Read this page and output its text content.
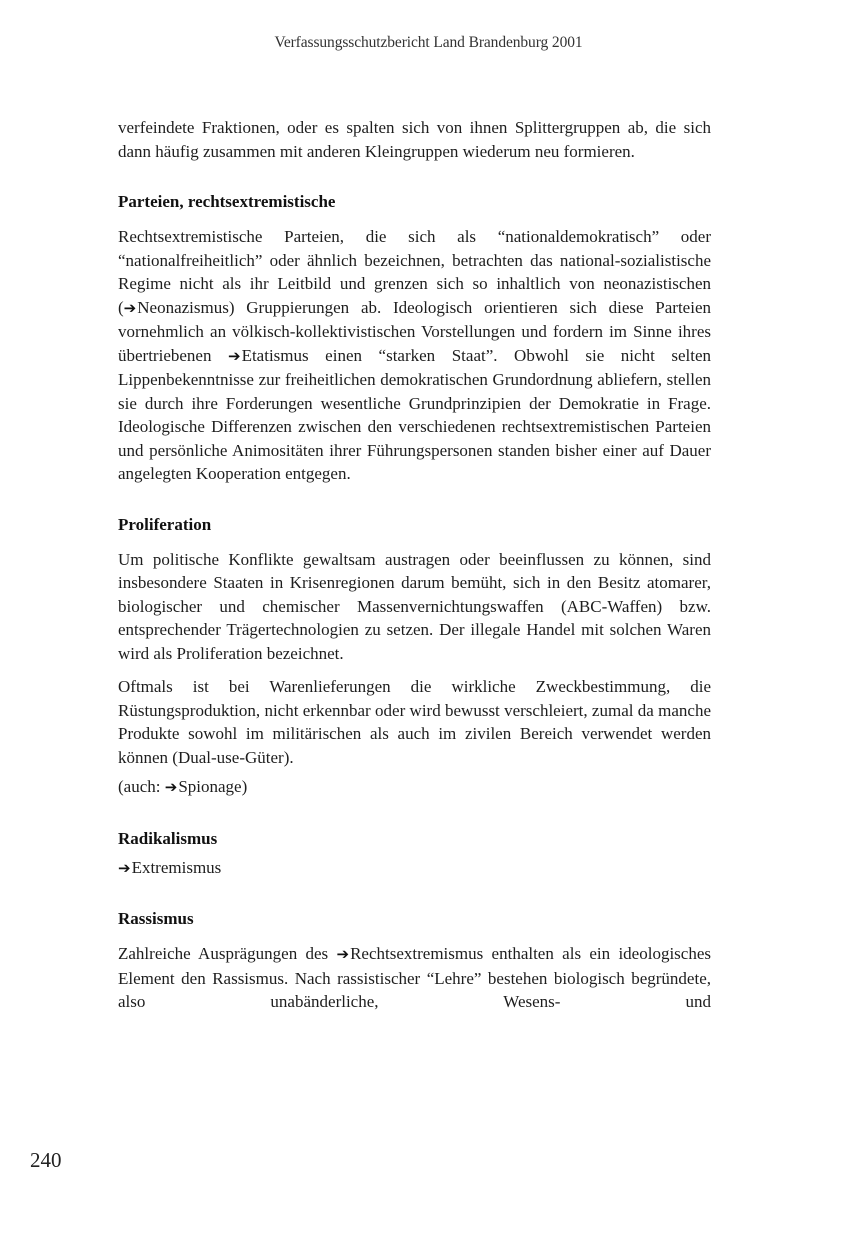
Verfassungsschutzbericht Land Brandenburg 2001

verfeindete Fraktionen, oder es spalten sich von ihnen Splittergruppen ab, die sich dann häufig zusammen mit anderen Kleingruppen wiederum neu formieren.

Parteien, rechtsextremistische

Rechtsextremistische Parteien, die sich als “nationaldemokratisch” oder “nationalfreiheitlich” oder ähnlich bezeichnen, betrachten das national-sozialistische Regime nicht als ihr Leitbild und grenzen sich so inhaltlich von neonazistischen (➔Neonazismus) Gruppierungen ab. Ideologisch orientieren sich diese Parteien vornehmlich an völkisch-kollektivistischen Vorstellungen und fordern im Sinne ihres übertriebenen ➔Etatismus einen “starken Staat”. Obwohl sie nicht selten Lippenbekenntnisse zur freiheitlichen demokratischen Grundordnung abliefern, stellen sie durch ihre Forderungen wesentliche Grundprinzipien der Demokratie in Frage. Ideologische Differenzen zwischen den verschiedenen rechtsextremistischen Parteien und persönliche Animositäten ihrer Führungspersonen standen bisher einer auf Dauer angelegten Kooperation entgegen.

Proliferation

Um politische Konflikte gewaltsam austragen oder beeinflussen zu können, sind insbesondere Staaten in Krisenregionen darum bemüht, sich in den Besitz atomarer, biologischer und chemischer Massenvernichtungswaffen (ABC-Waffen) bzw. entsprechender Trägertechnologien zu setzen. Der illegale Handel mit solchen Waren wird als Proliferation bezeichnet.

Oftmals ist bei Warenlieferungen die wirkliche Zweckbestimmung, die Rüstungsproduktion, nicht erkennbar oder wird bewusst verschleiert, zumal da manche Produkte sowohl im militärischen als auch im zivilen Bereich verwendet werden können (Dual-use-Güter).

(auch: ➔Spionage)

Radikalismus

➔Extremismus

Rassismus

Zahlreiche Ausprägungen des ➔Rechtsextremismus enthalten als ein ideologisches Element den Rassismus. Nach rassistischer “Lehre” bestehen biologisch begründete, also unabänderliche, Wesens- und

240
